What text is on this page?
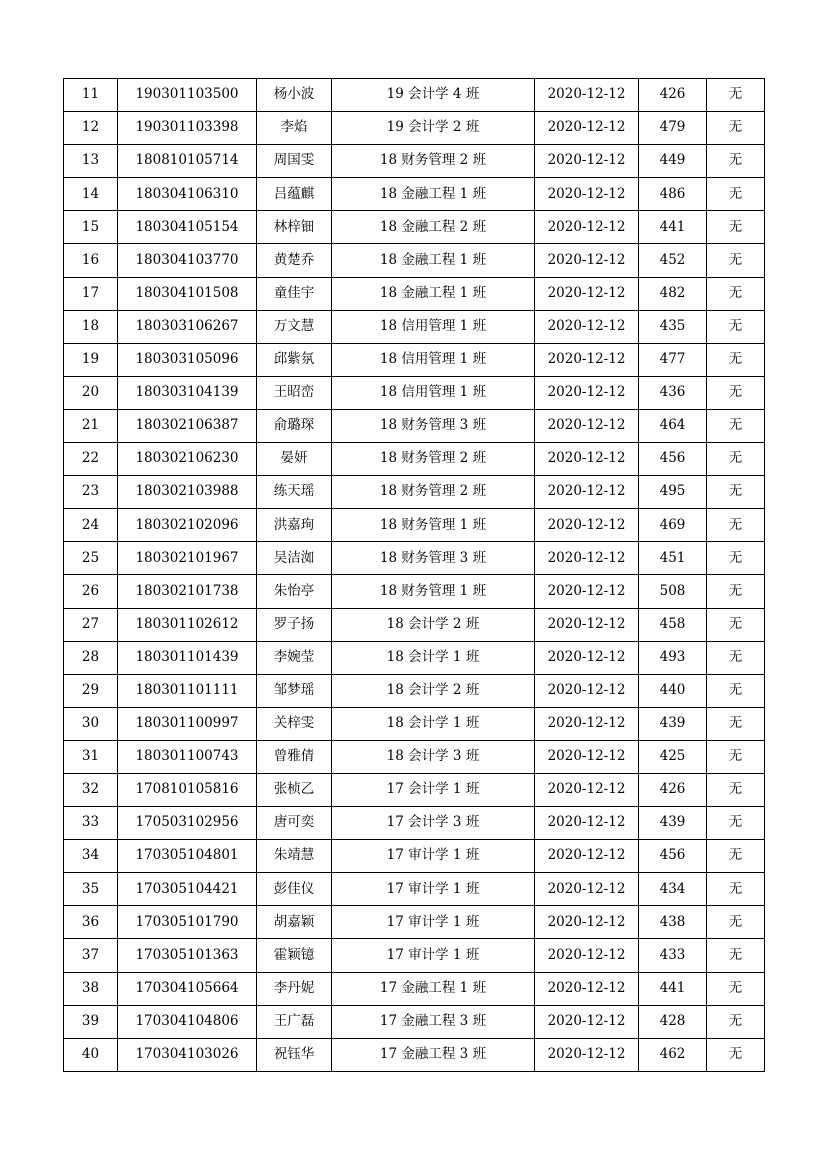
11	190301103500	杨小波	19 会计学 4 班	2020-12-12	426	无
12	190301103398	李焰	19 会计学 2 班	2020-12-12	479	无
13	180810105714	周国雯	18 财务管理 2 班	2020-12-12	449	无
14	180304106310	吕蕴麒	18 金融工程 1 班	2020-12-12	486	无
15	180304105154	林梓钿	18 金融工程 2 班	2020-12-12	441	无
16	180304103770	黄楚乔	18 金融工程 1 班	2020-12-12	452	无
17	180304101508	童佳宇	18 金融工程 1 班	2020-12-12	482	无
18	180303106267	万文慧	18 信用管理 1 班	2020-12-12	435	无
19	180303105096	邱紫氛	18 信用管理 1 班	2020-12-12	477	无
20	180303104139	王昭峦	18 信用管理 1 班	2020-12-12	436	无
21	180302106387	俞璐琛	18 财务管理 3 班	2020-12-12	464	无
22	180302106230	晏妍	18 财务管理 2 班	2020-12-12	456	无
23	180302103988	练天瑶	18 财务管理 2 班	2020-12-12	495	无
24	180302102096	洪嘉珣	18 财务管理 1 班	2020-12-12	469	无
25	180302101967	吴洁洳	18 财务管理 3 班	2020-12-12	451	无
26	180302101738	朱怡亭	18 财务管理 1 班	2020-12-12	508	无
27	180301102612	罗子扬	18 会计学 2 班	2020-12-12	458	无
28	180301101439	李婉莹	18 会计学 1 班	2020-12-12	493	无
29	180301101111	邹梦瑶	18 会计学 2 班	2020-12-12	440	无
30	180301100997	关梓雯	18 会计学 1 班	2020-12-12	439	无
31	180301100743	曾雅倩	18 会计学 3 班	2020-12-12	425	无
32	170810105816	张桢乙	17 会计学 1 班	2020-12-12	426	无
33	170503102956	唐可奕	17 会计学 3 班	2020-12-12	439	无
34	170305104801	朱靖慧	17 审计学 1 班	2020-12-12	456	无
35	170305104421	彭佳仪	17 审计学 1 班	2020-12-12	434	无
36	170305101790	胡嘉颖	17 审计学 1 班	2020-12-12	438	无
37	170305101363	霍颖镱	17 审计学 1 班	2020-12-12	433	无
38	170304105664	李丹妮	17 金融工程 1 班	2020-12-12	441	无
39	170304104806	王广磊	17 金融工程 3 班	2020-12-12	428	无
40	170304103026	祝钰华	17 金融工程 3 班	2020-12-12	462	无
